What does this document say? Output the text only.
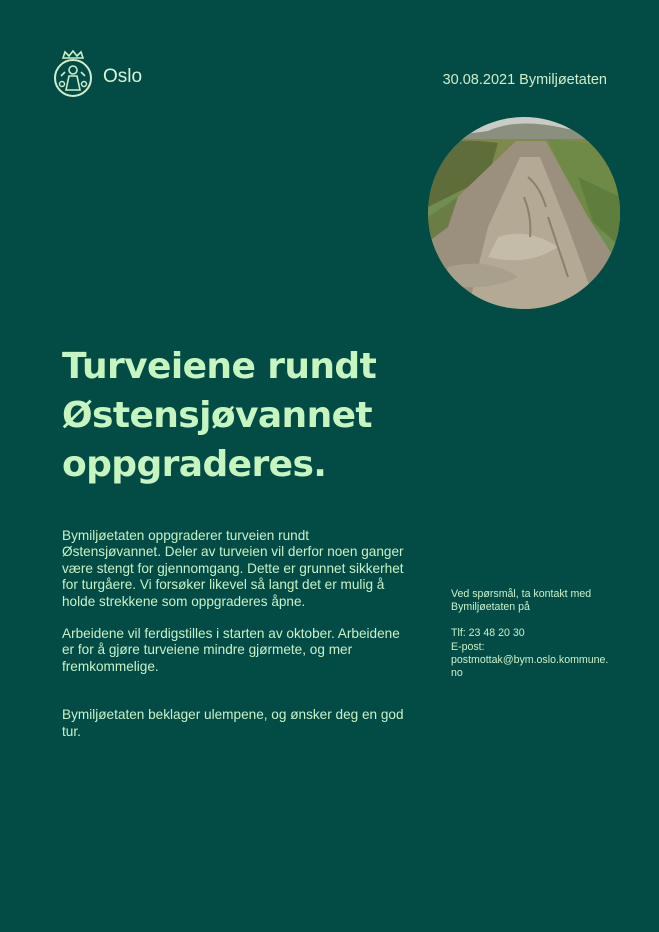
Oslo	30.08.2021 Bymiljøetaten
Turveiene rundt
Østensjøvannet
oppgraderes.

Bymiljøetaten oppgraderer turveien rundt Østensjøvannet. Deler av turveien vil derfor noen ganger være stengt for gjennomgang. Dette er grunnet sikkerhet for turgåere. Vi forsøker likevel så langt det er mulig å holde strekkene som oppgraderes åpne.

Arbeidene vil ferdigstilles i starten av oktober. Arbeidene er for å gjøre turveiene mindre gjørmete, og mer fremkommelige.

Bymiljøetaten beklager ulempene, og ønsker deg en god tur.

Ved spørsmål, ta kontakt med Bymiljøetaten på

Tlf: 23 48 20 30

E-post:

postmottak@bym.oslo.kommune.no
